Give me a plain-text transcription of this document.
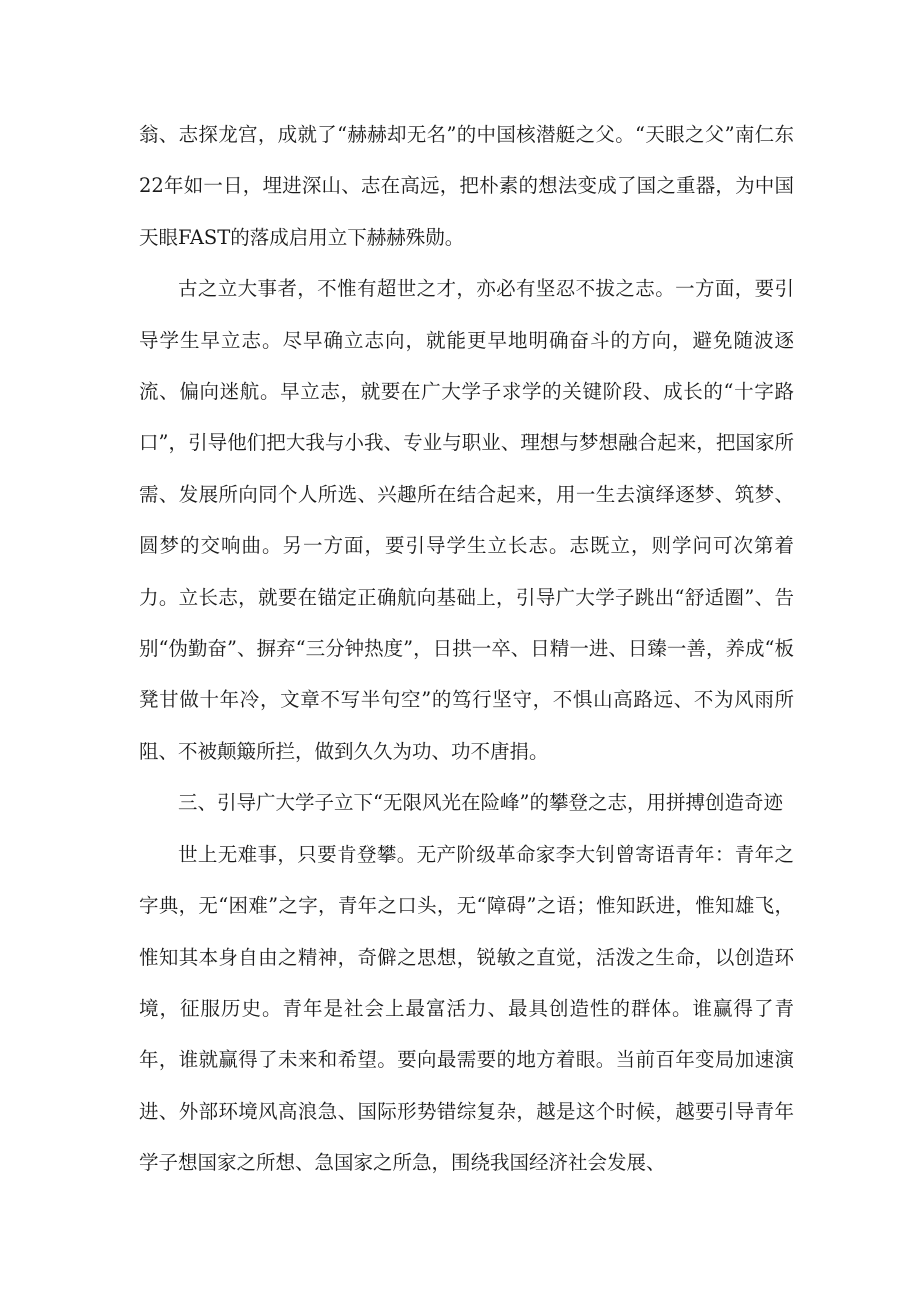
翁、志探龙宫，成就了“赫赫却无名”的中国核潜艇之父。“天眼之父”南仁东22年如一日，埋进深山、志在高远，把朴素的想法变成了国之重器，为中国天眼FAST的落成启用立下赫赫殊勋。

古之立大事者，不惟有超世之才，亦必有坚忍不拔之志。一方面，要引导学生早立志。尽早确立志向，就能更早地明确奋斗的方向，避免随波逐流、偏向迷航。早立志，就要在广大学子求学的关键阶段、成长的“十字路口”，引导他们把大我与小我、专业与职业、理想与梦想融合起来，把国家所需、发展所向同个人所选、兴趣所在结合起来，用一生去演绎逐梦、筑梦、圆梦的交响曲。另一方面，要引导学生立长志。志既立，则学问可次第着力。立长志，就要在锚定正确航向基础上，引导广大学子跳出“舒适圈”、告别“伪勤奋”、摒弃“三分钟热度”，日拱一卒、日精一进、日臻一善，养成“板凳甘做十年冷，文章不写半句空”的笃行坚守，不惧山高路远、不为风雨所阻、不被颠簸所拦，做到久久为功、功不唐捐。

三、引导广大学子立下“无限风光在险峰”的攀登之志，用拼搏创造奇迹

世上无难事，只要肯登攀。无产阶级革命家李大钊曾寄语青年：青年之字典，无“困难”之字，青年之口头，无“障碍”之语；惟知跃进，惟知雄飞，惟知其本身自由之精神，奇僻之思想，锐敏之直觉，活泼之生命，以创造环境，征服历史。青年是社会上最富活力、最具创造性的群体。谁赢得了青年，谁就赢得了未来和希望。要向最需要的地方着眼。当前百年变局加速演进、外部环境风高浪急、国际形势错综复杂，越是这个时候，越要引导青年学子想国家之所想、急国家之所急，围绕我国经济社会发展、
